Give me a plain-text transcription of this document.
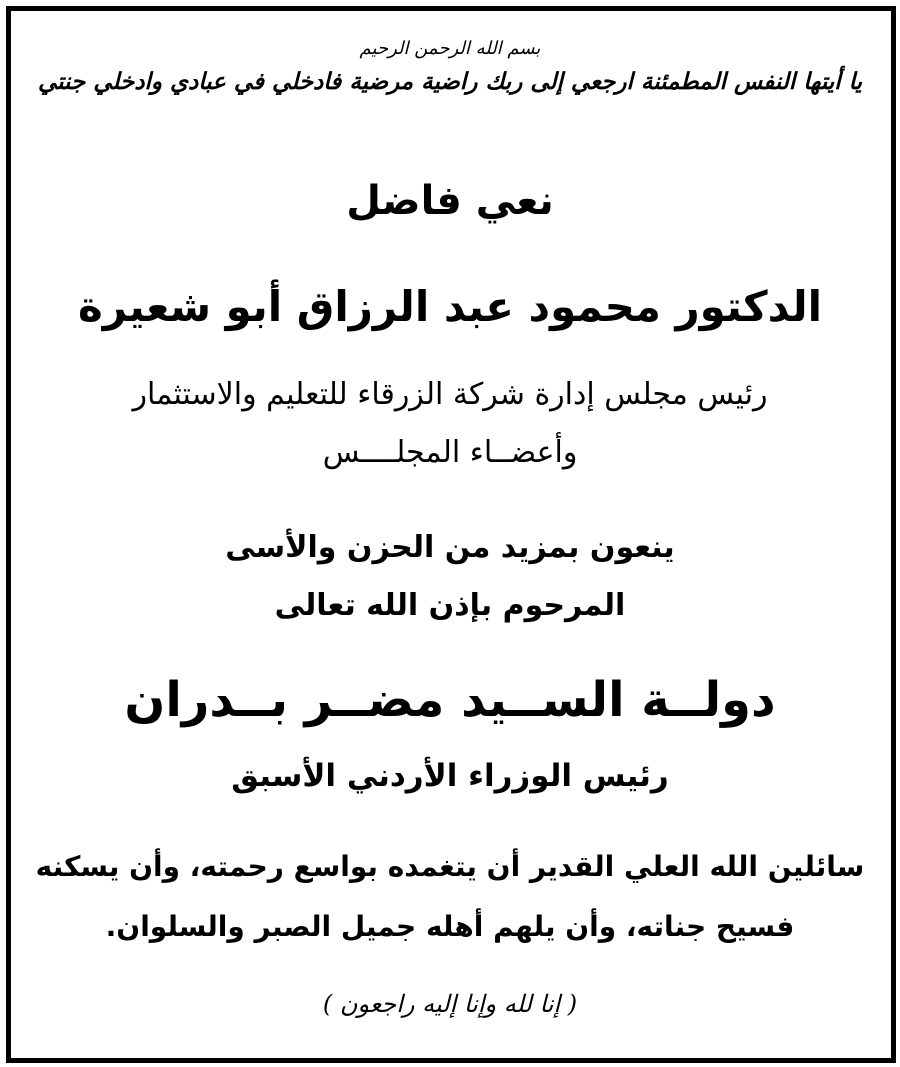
بسم الله الرحمن الرحيم
يا أيتها النفس المطمئنة ارجعي إلى ربك راضية مرضية فادخلي في عبادي وادخلي جنتي
نعي فاضل
الدكتور محمود عبد الرزاق أبو شعيرة
رئيس مجلس إدارة شركة الزرقاء للتعليم والاستثمار
وأعضــاء المجلــــس
ينعون بمزيد من الحزن والأسى
المرحوم بإذن الله تعالى
دولــة الســيد مضــر بــدران
رئيس الوزراء الأردني الأسبق
سائلين الله العلي القدير أن يتغمده بواسع رحمته، وأن يسكنه
فسيح جناته، وأن يلهم أهله جميل الصبر والسلوان.
( إنا لله وإنا إليه راجعون )
